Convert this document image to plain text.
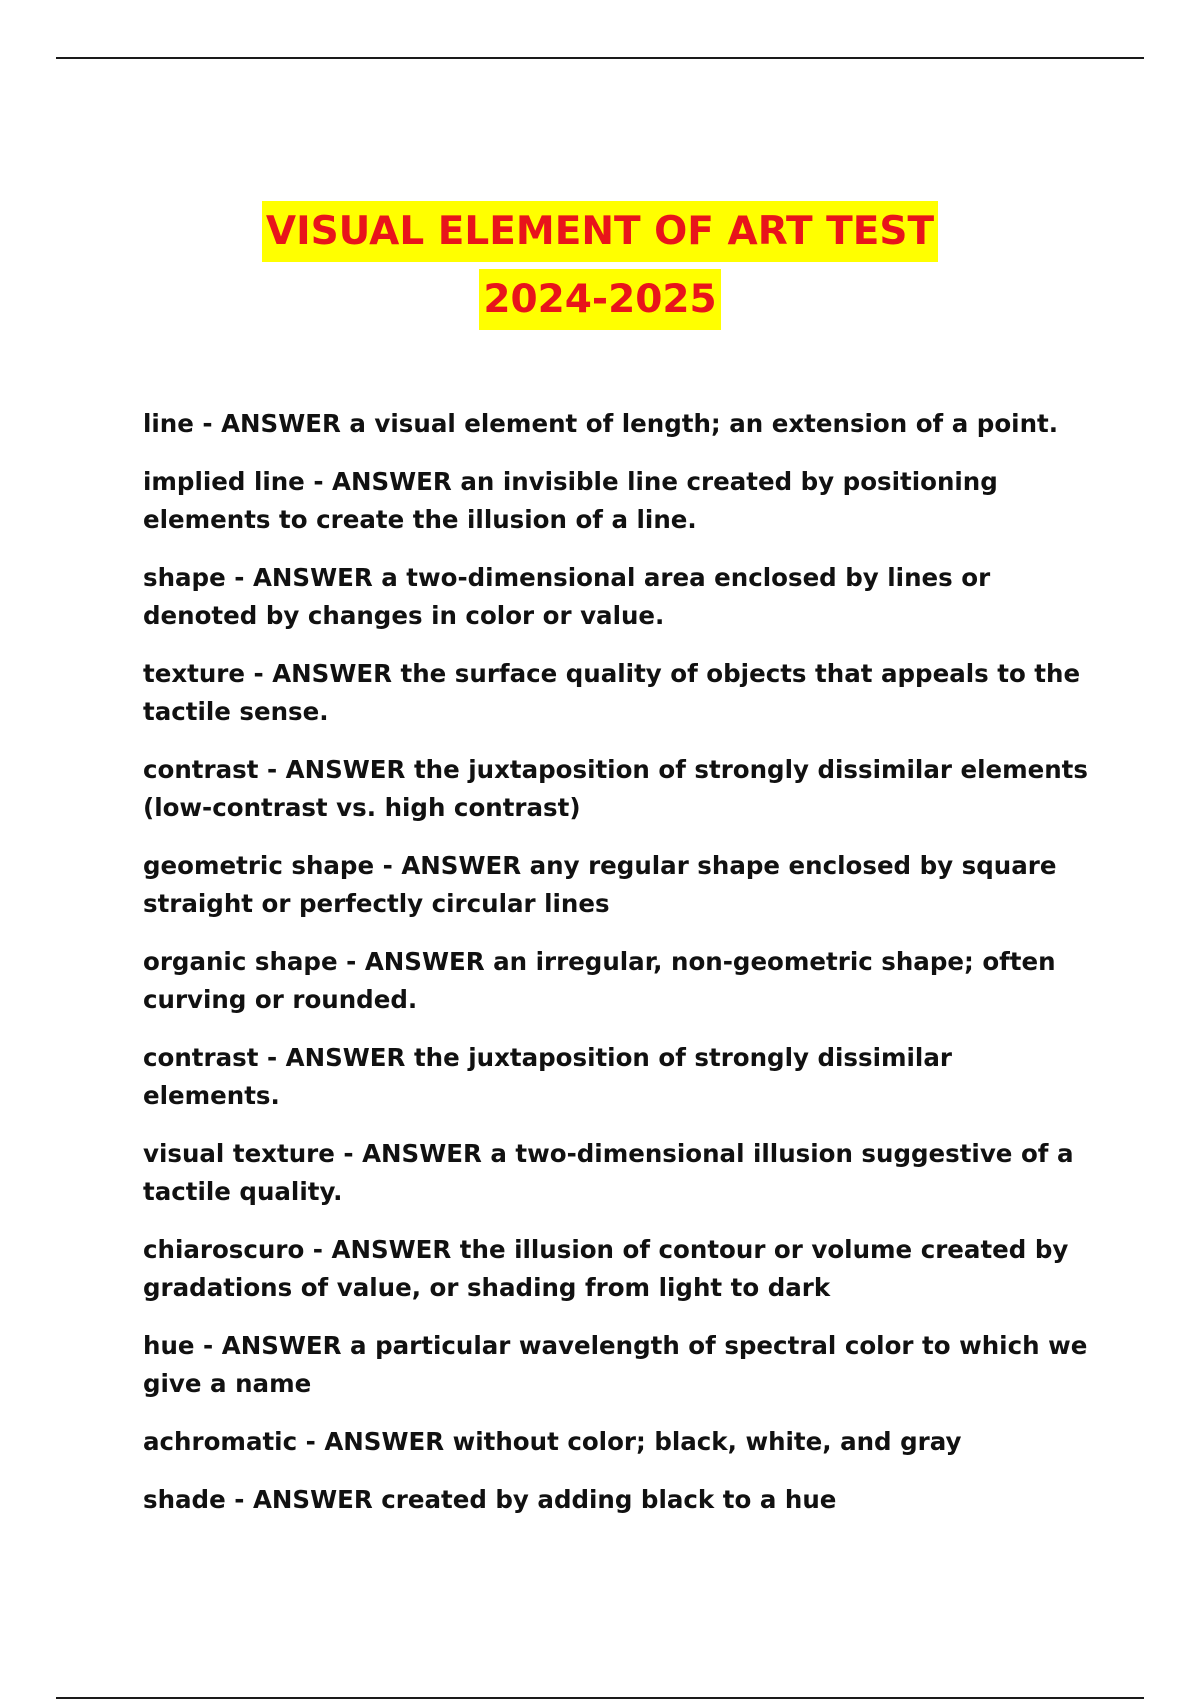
VISUAL ELEMENT OF ART TEST

2024-2025
line - ANSWER a visual element of length; an extension of a point.
implied line - ANSWER an invisible line created by positioning elements to create the illusion of a line.
shape - ANSWER a two-dimensional area enclosed by lines or denoted by changes in color or value.
texture - ANSWER the surface quality of objects that appeals to the tactile sense.
contrast - ANSWER the juxtaposition of strongly dissimilar elements (low-contrast vs. high contrast)
geometric shape - ANSWER any regular shape enclosed by square straight or perfectly circular lines
organic shape - ANSWER an irregular, non-geometric shape; often curving or rounded.
contrast - ANSWER the juxtaposition of strongly dissimilar elements.
visual texture - ANSWER a two-dimensional illusion suggestive of a tactile quality.
chiaroscuro - ANSWER the illusion of contour or volume created by gradations of value, or shading from light to dark
hue - ANSWER a particular wavelength of spectral color to which we give a name
achromatic - ANSWER without color; black, white, and gray
shade - ANSWER created by adding black to a hue
